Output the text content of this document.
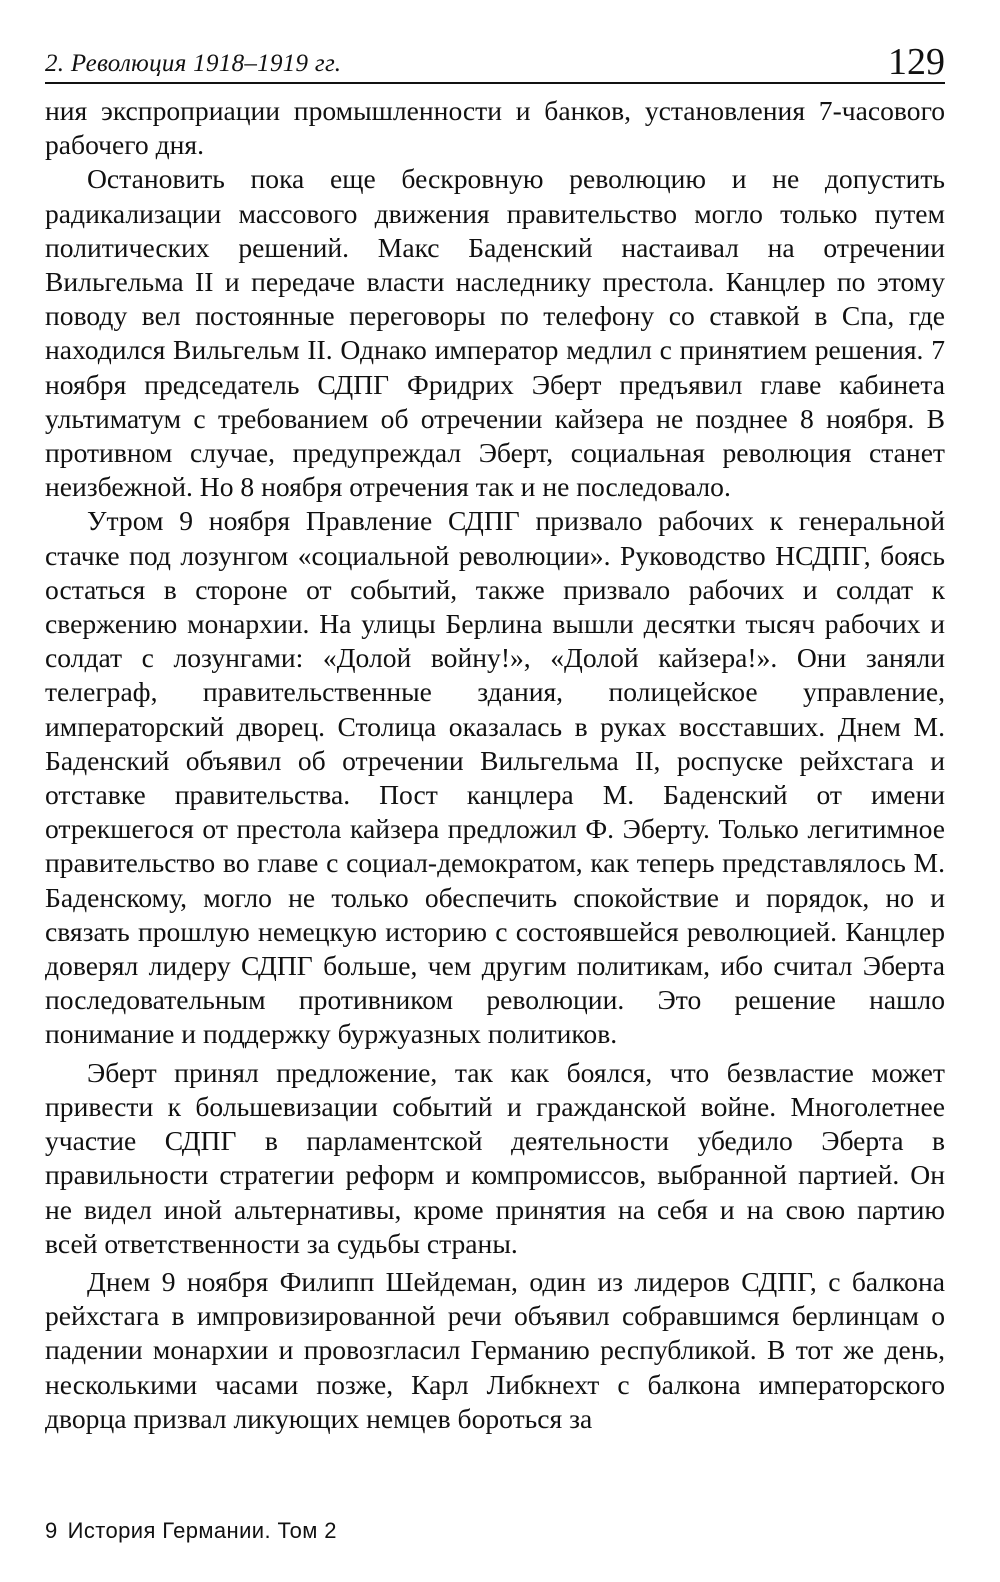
2. Революция 1918–1919 гг.	129

ния экспроприации промышленности и банков, установления 7-часового рабочего дня.

Остановить пока еще бескровную революцию и не допустить радикализации массового движения правительство могло только путем политических решений. Макс Баденский настаивал на отречении Вильгельма II и передаче власти наследнику престола. Канцлер по этому поводу вел постоянные переговоры по телефону со ставкой в Спа, где находился Вильгельм II. Однако император медлил с принятием решения. 7 ноября председатель СДПГ Фридрих Эберт предъявил главе кабинета ультиматум с требованием об отречении кайзера не позднее 8 ноября. В противном случае, предупреждал Эберт, социальная революция станет неизбежной. Но 8 ноября отречения так и не последовало.

Утром 9 ноября Правление СДПГ призвало рабочих к генеральной стачке под лозунгом «социальной революции». Руководство НСДПГ, боясь остаться в стороне от событий, также призвало рабочих и солдат к свержению монархии. На улицы Берлина вышли десятки тысяч рабочих и солдат с лозунгами: «Долой войну!», «Долой кайзера!». Они заняли телеграф, правительственные здания, полицейское управление, императорский дворец. Столица оказалась в руках восставших. Днем М. Баденский объявил об отречении Вильгельма II, роспуске рейхстага и отставке правительства. Пост канцлера М. Баденский от имени отрекшегося от престола кайзера предложил Ф. Эберту. Только легитимное правительство во главе с социал-демократом, как теперь представлялось М. Баденскому, могло не только обеспечить спокойствие и порядок, но и связать прошлую немецкую историю с состоявшейся революцией. Канцлер доверял лидеру СДПГ больше, чем другим политикам, ибо считал Эберта последовательным противником революции. Это решение нашло понимание и поддержку буржуазных политиков.

Эберт принял предложение, так как боялся, что безвластие может привести к большевизации событий и гражданской войне. Многолетнее участие СДПГ в парламентской деятельности убедило Эберта в правильности стратегии реформ и компромиссов, выбранной партией. Он не видел иной альтернативы, кроме принятия на себя и на свою партию всей ответственности за судьбы страны.

Днем 9 ноября Филипп Шейдеман, один из лидеров СДПГ, с балкона рейхстага в импровизированной речи объявил собравшимся берлинцам о падении монархии и провозгласил Германию республикой. В тот же день, несколькими часами позже, Карл Либкнехт с балкона императорского дворца призвал ликующих немцев бороться за

9 История Германии. Том 2
